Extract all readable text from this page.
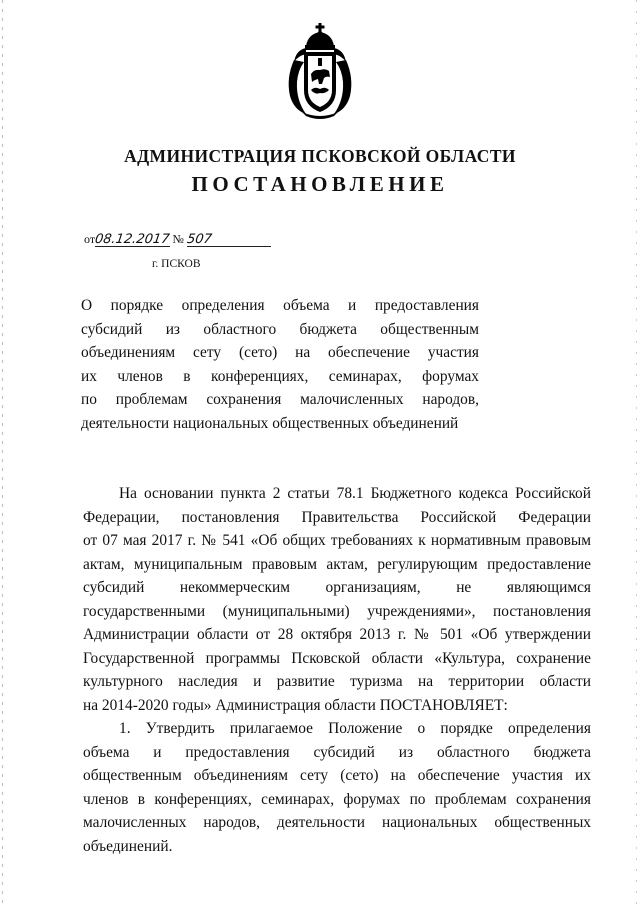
АДМИНИСТРАЦИЯ ПСКОВСКОЙ ОБЛАСТИ
ПОСТАНОВЛЕНИЕ
от08.12.2017 № 507
г. ПСКОВ
О порядке определения объема и предоставления
субсидий из областного бюджета общественным
объединениям сету (сето) на обеспечение участия
их членов в конференциях, семинарах, форумах
по проблемам сохранения малочисленных народов,
деятельности национальных общественных объединений
На основании пункта 2 статьи 78.1 Бюджетного кодекса Российской
Федерации, постановления Правительства Российской Федерации
от 07 мая 2017 г. № 541 «Об общих требованиях к нормативным правовым
актам, муниципальным правовым актам, регулирующим предоставление
субсидий некоммерческим организациям, не являющимся
государственными (муниципальными) учреждениями», постановления
Администрации области от 28 октября 2013 г. № 501 «Об утверждении
Государственной программы Псковской области «Культура, сохранение
культурного наследия и развитие туризма на территории области
на 2014-2020 годы» Администрация области ПОСТАНОВЛЯЕТ:
1. Утвердить прилагаемое Положение о порядке определения
объема и предоставления субсидий из областного бюджета
общественным объединениям сету (сето) на обеспечение участия их
членов в конференциях, семинарах, форумах по проблемам сохранения
малочисленных народов, деятельности национальных общественных
объединений.
